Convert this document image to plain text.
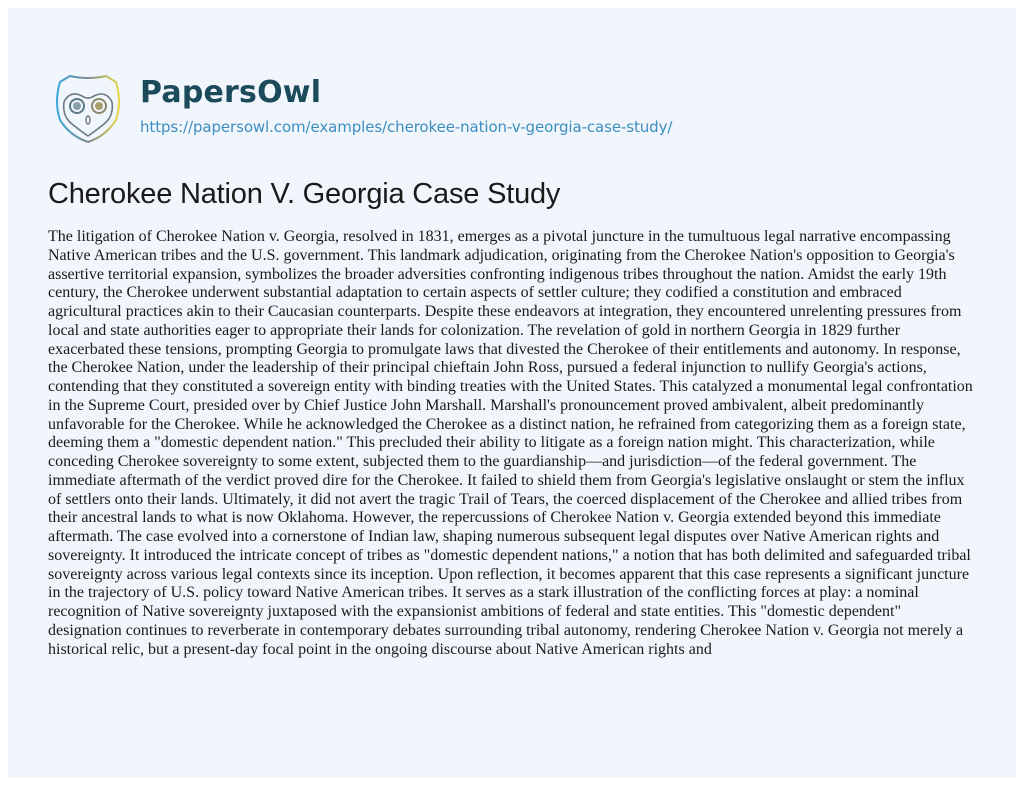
PapersOwl
https://papersowl.com/examples/cherokee-nation-v-georgia-case-study/
Cherokee Nation V. Georgia Case Study

The litigation of Cherokee Nation v. Georgia, resolved in 1831, emerges as a pivotal juncture in the tumultuous legal narrative encompassing
Native American tribes and the U.S. government. This landmark adjudication, originating from the Cherokee Nation's opposition to Georgia's
assertive territorial expansion, symbolizes the broader adversities confronting indigenous tribes throughout the nation. Amidst the early 19th
century, the Cherokee underwent substantial adaptation to certain aspects of settler culture; they codified a constitution and embraced
agricultural practices akin to their Caucasian counterparts. Despite these endeavors at integration, they encountered unrelenting pressures from
local and state authorities eager to appropriate their lands for colonization. The revelation of gold in northern Georgia in 1829 further
exacerbated these tensions, prompting Georgia to promulgate laws that divested the Cherokee of their entitlements and autonomy. In response,
the Cherokee Nation, under the leadership of their principal chieftain John Ross, pursued a federal injunction to nullify Georgia's actions,
contending that they constituted a sovereign entity with binding treaties with the United States. This catalyzed a monumental legal confrontation
in the Supreme Court, presided over by Chief Justice John Marshall. Marshall's pronouncement proved ambivalent, albeit predominantly
unfavorable for the Cherokee. While he acknowledged the Cherokee as a distinct nation, he refrained from categorizing them as a foreign state,
deeming them a "domestic dependent nation." This precluded their ability to litigate as a foreign nation might. This characterization, while
conceding Cherokee sovereignty to some extent, subjected them to the guardianship—and jurisdiction—of the federal government. The
immediate aftermath of the verdict proved dire for the Cherokee. It failed to shield them from Georgia's legislative onslaught or stem the influx
of settlers onto their lands. Ultimately, it did not avert the tragic Trail of Tears, the coerced displacement of the Cherokee and allied tribes from
their ancestral lands to what is now Oklahoma. However, the repercussions of Cherokee Nation v. Georgia extended beyond this immediate
aftermath. The case evolved into a cornerstone of Indian law, shaping numerous subsequent legal disputes over Native American rights and
sovereignty. It introduced the intricate concept of tribes as "domestic dependent nations," a notion that has both delimited and safeguarded tribal
sovereignty across various legal contexts since its inception. Upon reflection, it becomes apparent that this case represents a significant juncture
in the trajectory of U.S. policy toward Native American tribes. It serves as a stark illustration of the conflicting forces at play: a nominal
recognition of Native sovereignty juxtaposed with the expansionist ambitions of federal and state entities. This "domestic dependent"
designation continues to reverberate in contemporary debates surrounding tribal autonomy, rendering Cherokee Nation v. Georgia not merely a
historical relic, but a present-day focal point in the ongoing discourse about Native American rights and
